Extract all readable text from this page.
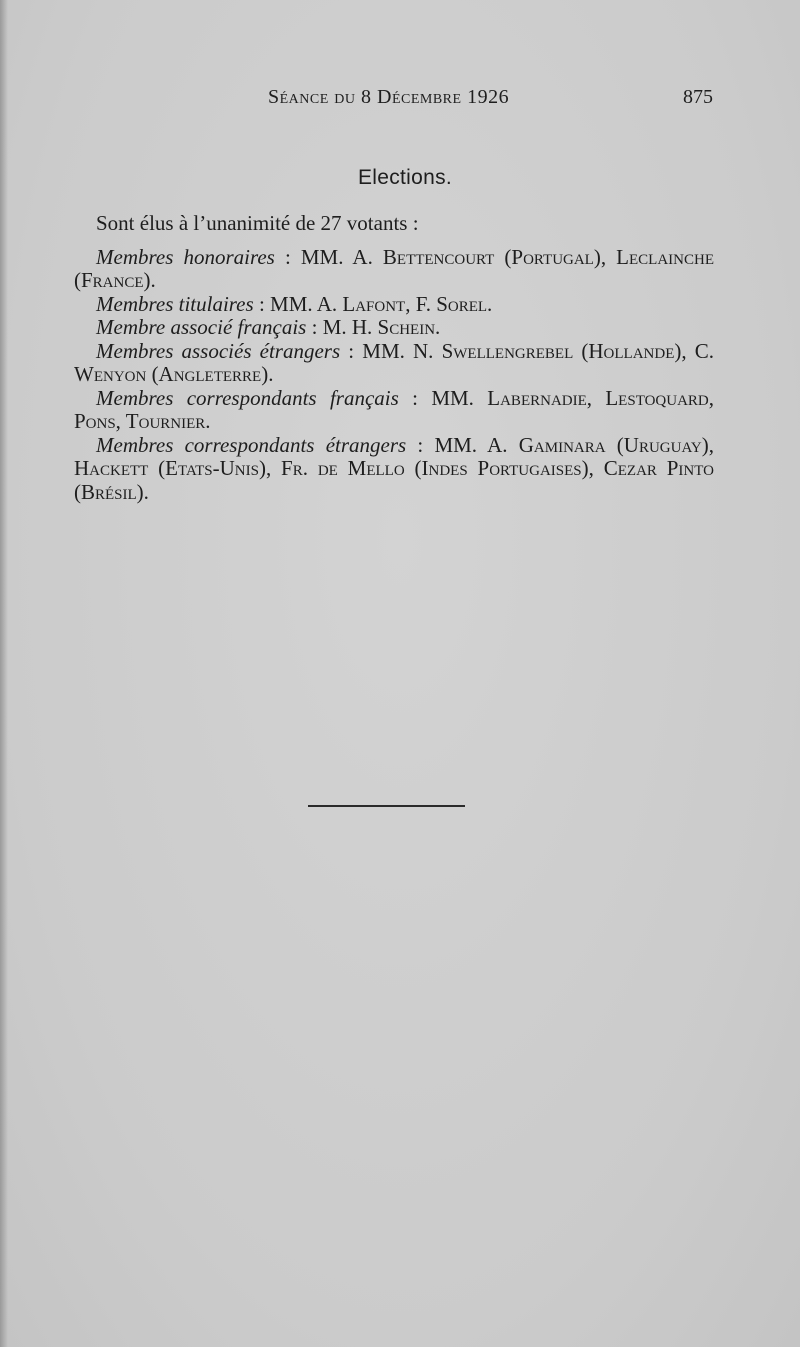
Séance du 8 Décembre 1926	875
Elections.

Sont élus à l’unanimité de 27 votants :

Membres honoraires : MM. A. Bettencourt (Portugal), Leclainche (France).

Membres titulaires : MM. A. Lafont, F. Sorel.

Membre associé français : M. H. Schein.

Membres associés étrangers : MM. N. Swellengrebel (Hollande), C. Wenyon (Angleterre).

Membres correspondants français : MM. Labernadie, Lestoquard, Pons, Tournier.

Membres correspondants étrangers : MM. A. Gaminara (Uruguay), Hackett (Etats-Unis), Fr. de Mello (Indes Portugaises), Cezar Pinto (Brésil).
